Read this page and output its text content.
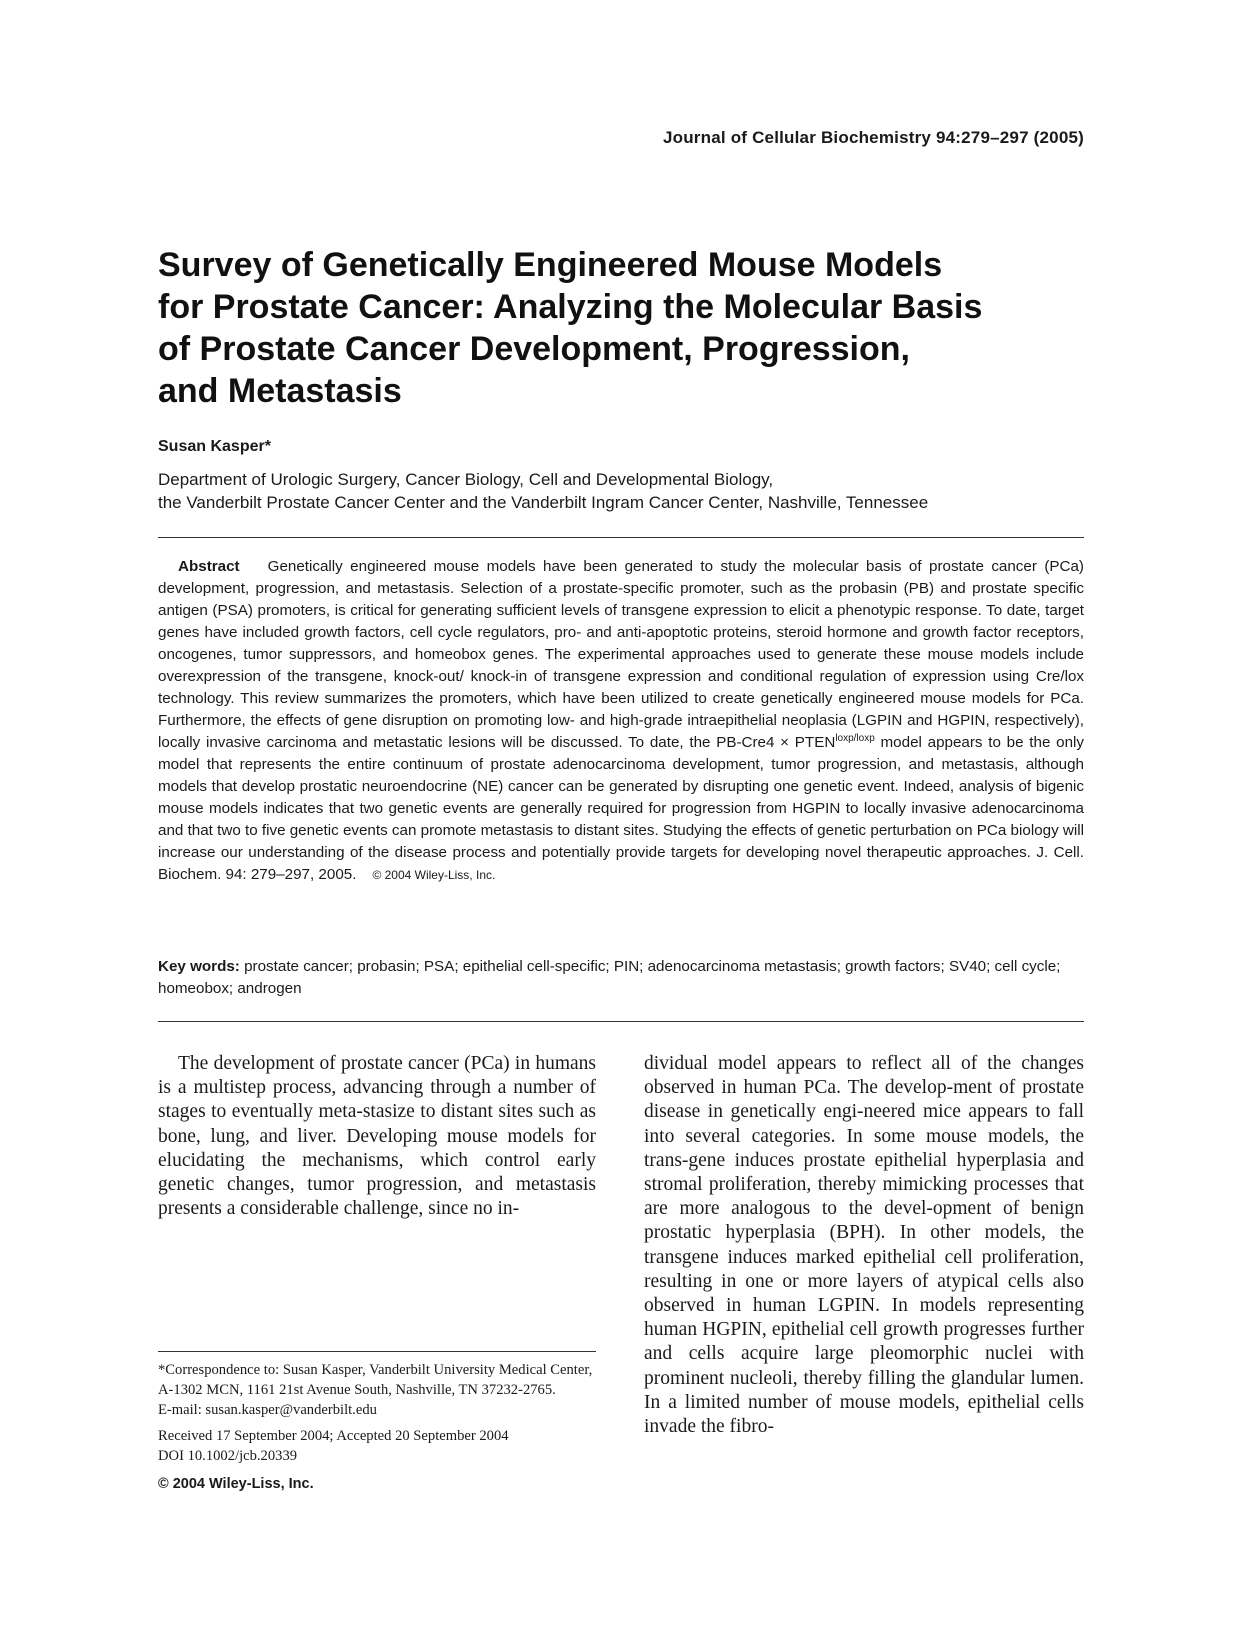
Journal of Cellular Biochemistry 94:279–297 (2005)
Survey of Genetically Engineered Mouse Models
for Prostate Cancer: Analyzing the Molecular Basis
of Prostate Cancer Development, Progression,
and Metastasis
Susan Kasper*
Department of Urologic Surgery, Cancer Biology, Cell and Developmental Biology,
the Vanderbilt Prostate Cancer Center and the Vanderbilt Ingram Cancer Center, Nashville, Tennessee

Abstract Genetically engineered mouse models have been generated to study the molecular basis of prostate cancer (PCa) development, progression, and metastasis. Selection of a prostate-specific promoter, such as the probasin (PB) and prostate specific antigen (PSA) promoters, is critical for generating sufficient levels of transgene expression to elicit a phenotypic response. To date, target genes have included growth factors, cell cycle regulators, pro- and anti-apoptotic proteins, steroid hormone and growth factor receptors, oncogenes, tumor suppressors, and homeobox genes. The experimental approaches used to generate these mouse models include overexpression of the transgene, knock-out/ knock-in of transgene expression and conditional regulation of expression using Cre/lox technology. This review summarizes the promoters, which have been utilized to create genetically engineered mouse models for PCa. Furthermore, the effects of gene disruption on promoting low- and high-grade intraepithelial neoplasia (LGPIN and HGPIN, respectively), locally invasive carcinoma and metastatic lesions will be discussed. To date, the $PB-Cre4 \times PTEN^{loxp/loxp}$ model appears to be the only model that represents the entire continuum of prostate adenocarcinoma development, tumor progression, and metastasis, although models that develop prostatic neuroendocrine (NE) cancer can be generated by disrupting one genetic event. Indeed, analysis of bigenic mouse models indicates that two genetic events are generally required for progression from HGPIN to locally invasive adenocarcinoma and that two to five genetic events can promote metastasis to distant sites. Studying the effects of genetic perturbation on PCa biology will increase our understanding of the disease process and potentially provide targets for developing novel therapeutic approaches. J. Cell. Biochem. 94: 279–297, 2005. © 2004 Wiley-Liss, Inc.

Key words: prostate cancer; probasin; PSA; epithelial cell-specific; PIN; adenocarcinoma metastasis; growth factors; SV40; cell cycle; homeobox; androgen

The development of prostate cancer (PCa) in humans is a multistep process, advancing through a number of stages to eventually meta-stasize to distant sites such as bone, lung, and liver. Developing mouse models for elucidating the mechanisms, which control early genetic changes, tumor progression, and metastasis presents a considerable challenge, since no in-

dividual model appears to reflect all of the changes observed in human PCa. The develop-ment of prostate disease in genetically engi-neered mice appears to fall into several categories. In some mouse models, the trans-gene induces prostate epithelial hyperplasia and stromal proliferation, thereby mimicking processes that are more analogous to the devel-opment of benign prostatic hyperplasia (BPH). In other models, the transgene induces marked epithelial cell proliferation, resulting in one or more layers of atypical cells also observed in human LGPIN. In models representing human HGPIN, epithelial cell growth progresses further and cells acquire large pleomorphic nuclei with prominent nucleoli, thereby filling the glandular lumen. In a limited number of mouse models, epithelial cells invade the fibro-

*Correspondence to: Susan Kasper, Vanderbilt University Medical Center, A-1302 MCN, 1161 21st Avenue South, Nashville, TN 37232-2765.

E-mail: susan.kasper@vanderbilt.edu

Received 17 September 2004; Accepted 20 September 2004

DOI 10.1002/jcb.20339

© 2004 Wiley-Liss, Inc.
